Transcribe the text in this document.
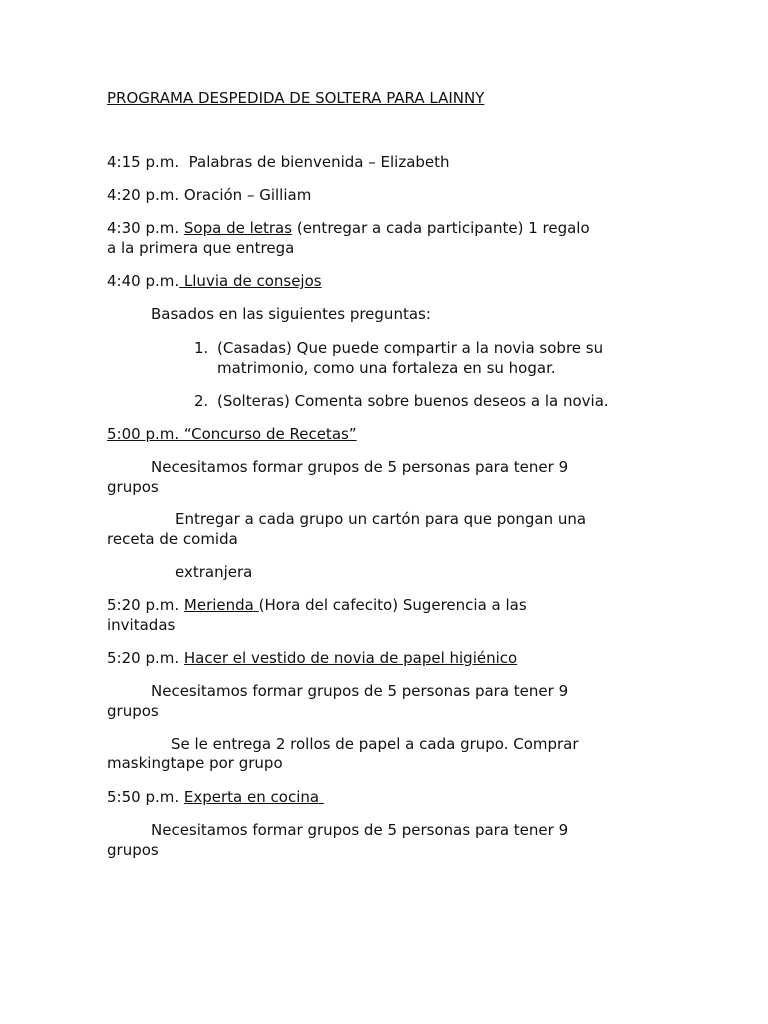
PROGRAMA DESPEDIDA DE SOLTERA PARA LAINNY
4:15 p.m. Palabras de bienvenida – Elizabeth
4:20 p.m. Oración – Gilliam
4:30 p.m. Sopa de letras (entregar a cada participante) 1 regalo
a la primera que entrega
4:40 p.m. Lluvia de consejos
Basados en las siguientes preguntas:
1. (Casadas) Que puede compartir a la novia sobre su
matrimonio, como una fortaleza en su hogar.
2. (Solteras) Comenta sobre buenos deseos a la novia.
5:00 p.m. “Concurso de Recetas”
Necesitamos formar grupos de 5 personas para tener 9
grupos
Entregar a cada grupo un cartón para que pongan una
receta de comida
extranjera
5:20 p.m. Merienda (Hora del cafecito) Sugerencia a las
invitadas
5:20 p.m. Hacer el vestido de novia de papel higiénico
Necesitamos formar grupos de 5 personas para tener 9
grupos
Se le entrega 2 rollos de papel a cada grupo. Comprar
maskingtape por grupo
5:50 p.m. Experta en cocina
Necesitamos formar grupos de 5 personas para tener 9
grupos
